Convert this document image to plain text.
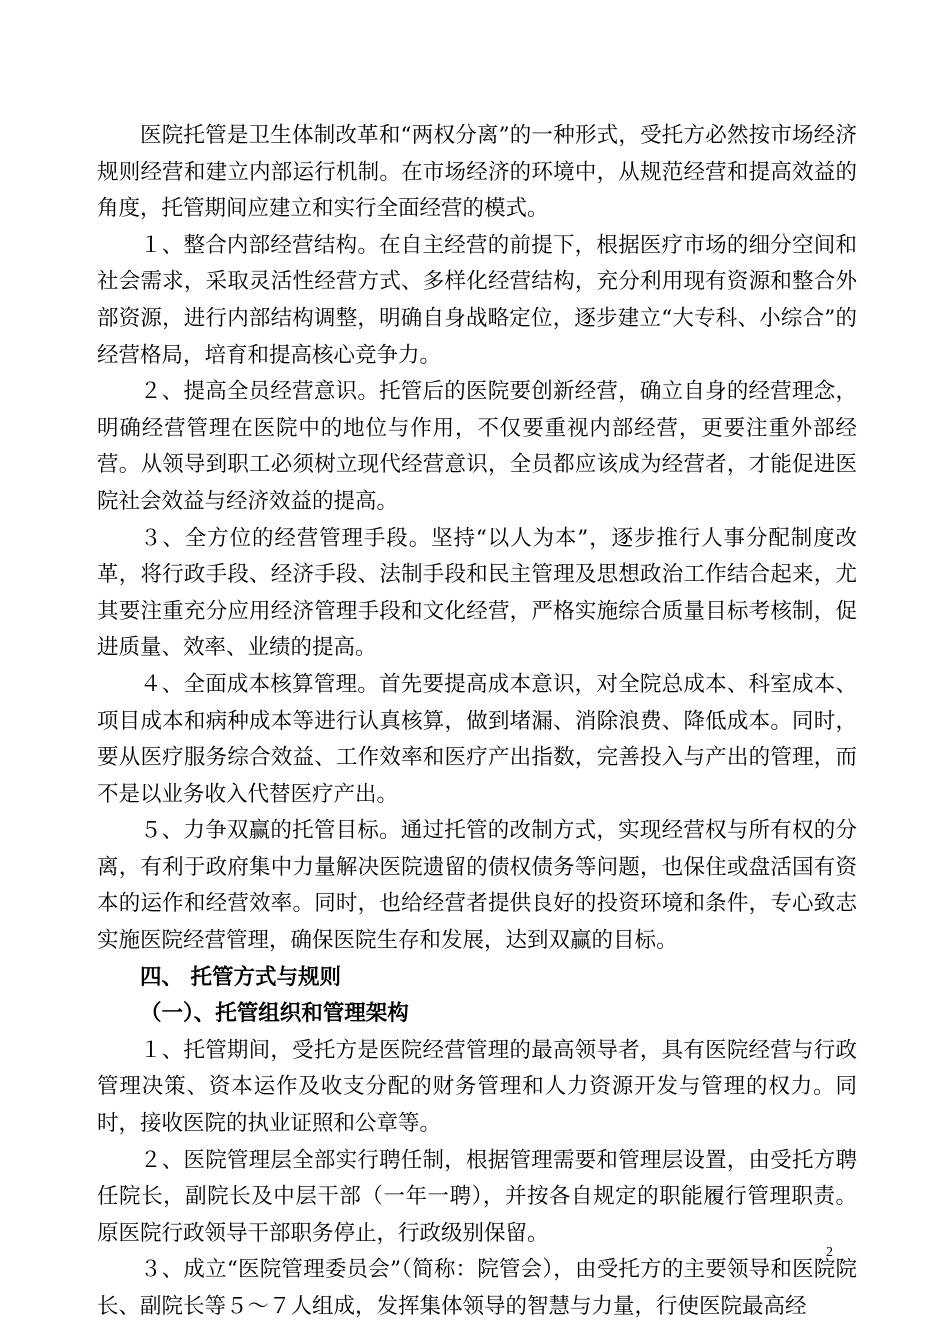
医院托管是卫生体制改革和“两权分离”的一种形式，受托方必然按市场经济规则经营和建立内部运行机制。在市场经济的环境中，从规范经营和提高效益的角度，托管期间应建立和实行全面经营的模式。

１、整合内部经营结构。在自主经营的前提下，根据医疗市场的细分空间和社会需求，采取灵活性经营方式、多样化经营结构，充分利用现有资源和整合外部资源，进行内部结构调整，明确自身战略定位，逐步建立“大专科、小综合”的经营格局，培育和提高核心竞争力。

２、提高全员经营意识。托管后的医院要创新经营，确立自身的经营理念，明确经营管理在医院中的地位与作用，不仅要重视内部经营，更要注重外部经营。从领导到职工必须树立现代经营意识，全员都应该成为经营者，才能促进医院社会效益与经济效益的提高。

３、全方位的经营管理手段。坚持“以人为本”，逐步推行人事分配制度改革，将行政手段、经济手段、法制手段和民主管理及思想政治工作结合起来，尤其要注重充分应用经济管理手段和文化经营，严格实施综合质量目标考核制，促进质量、效率、业绩的提高。

４、全面成本核算管理。首先要提高成本意识，对全院总成本、科室成本、项目成本和病种成本等进行认真核算，做到堵漏、消除浪费、降低成本。同时，要从医疗服务综合效益、工作效率和医疗产出指数，完善投入与产出的管理，而不是以业务收入代替医疗产出。

５、力争双赢的托管目标。通过托管的改制方式，实现经营权与所有权的分离，有利于政府集中力量解决医院遗留的债权债务等问题，也保住或盘活国有资本的运作和经营效率。同时，也给经营者提供良好的投资环境和条件，专心致志实施医院经营管理，确保医院生存和发展，达到双赢的目标。

四、 托管方式与规则

（一）、托管组织和管理架构

１、托管期间，受托方是医院经营管理的最高领导者，具有医院经营与行政管理决策、资本运作及收支分配的财务管理和人力资源开发与管理的权力。同时，接收医院的执业证照和公章等。

２、医院管理层全部实行聘任制，根据管理需要和管理层设置，由受托方聘任院长，副院长及中层干部（一年一聘），并按各自规定的职能履行管理职责。原医院行政领导干部职务停止，行政级别保留。

３、成立“医院管理委员会”（简称：院管会），由受托方的主要领导和医院院长、副院长等５～７人组成，发挥集体领导的智慧与力量，行使医院最高经

2
